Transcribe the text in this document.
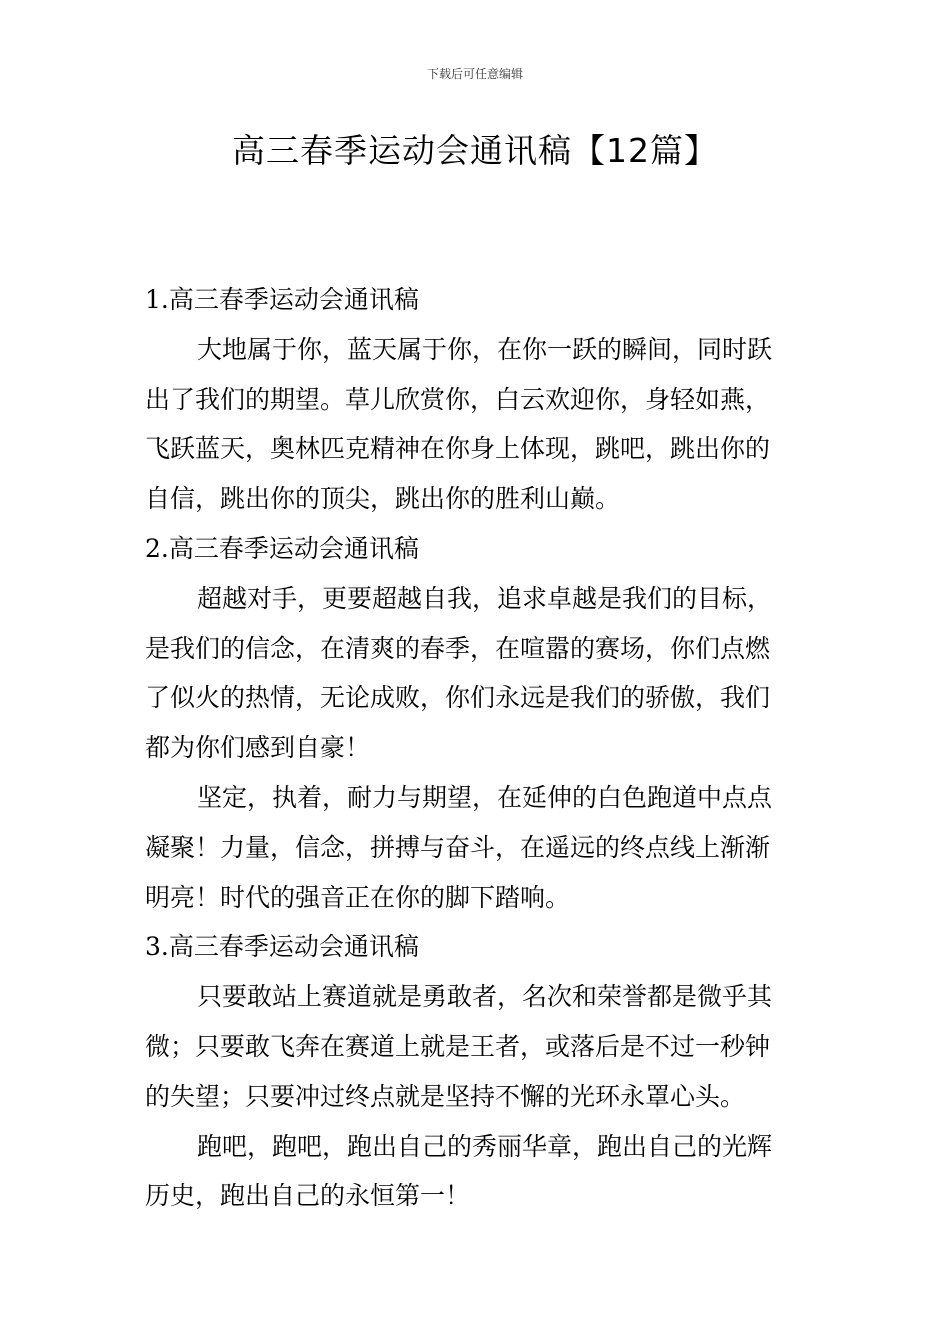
下载后可任意编辑
高三春季运动会通讯稿【12篇】
1.高三春季运动会通讯稿
大地属于你，蓝天属于你，在你一跃的瞬间，同时跃
出了我们的期望。草儿欣赏你，白云欢迎你，身轻如燕，
飞跃蓝天，奥林匹克精神在你身上体现，跳吧，跳出你的
自信，跳出你的顶尖，跳出你的胜利山巅。
2.高三春季运动会通讯稿
超越对手，更要超越自我，追求卓越是我们的目标，
是我们的信念，在清爽的春季，在喧嚣的赛场，你们点燃
了似火的热情，无论成败，你们永远是我们的骄傲，我们
都为你们感到自豪！
坚定，执着，耐力与期望，在延伸的白色跑道中点点
凝聚！力量，信念，拼搏与奋斗，在遥远的终点线上渐渐
明亮！时代的强音正在你的脚下踏响。
3.高三春季运动会通讯稿
只要敢站上赛道就是勇敢者，名次和荣誉都是微乎其
微；只要敢飞奔在赛道上就是王者，或落后是不过一秒钟
的失望；只要冲过终点就是坚持不懈的光环永罩心头。
跑吧，跑吧，跑出自己的秀丽华章，跑出自己的光辉
历史，跑出自己的永恒第一！
